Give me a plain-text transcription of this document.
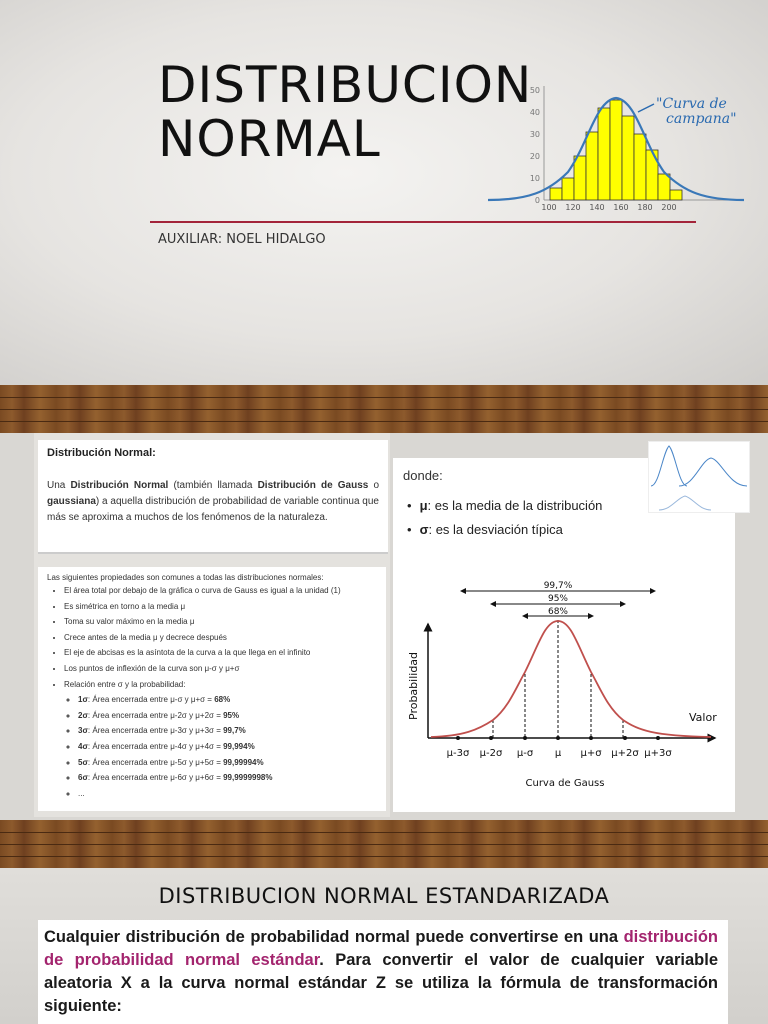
DISTRIBUCION
NORMAL
0
10
20
30
40
50
100 120 140 160 180 200
"Curva de
campana"
AUXILIAR: NOEL HIDALGO
Distribución Normal:
Una Distribución Normal (también llamada Distribución de Gauss o gaussiana) a aquella distribución de probabilidad de variable continua que más se aproxima a muchos de los fenómenos de la naturaleza.
Las siguientes propiedades son comunes a todas las distribuciones normales:
• El área total por debajo de la gráfica o curva de Gauss es igual a la unidad (1)
• Es simétrica en torno a la media μ
• Toma su valor máximo en la media μ
• Crece antes de la media μ y decrece después
• El eje de abcisas es la asíntota de la curva a la que llega en el infinito
• Los puntos de inflexión de la curva son μ-σ y μ+σ
• Relación entre σ y la probabilidad:
◦ 1σ: Área encerrada entre μ-σ y μ+σ = 68%
◦ 2σ: Área encerrada entre μ-2σ y μ+2σ = 95%
◦ 3σ: Área encerrada entre μ-3σ y μ+3σ = 99,7%
◦ 4σ: Área encerrada entre μ-4σ y μ+4σ = 99,994%
◦ 5σ: Área encerrada entre μ-5σ y μ+5σ = 99,99994%
◦ 6σ: Área encerrada entre μ-6σ y μ+6σ = 99,9999998%
◦ ...
donde:
• μ: es la media de la distribución
• σ: es la desviación típica
99,7%
95%
68%
Probabilidad	Valor
μ-3σ μ-2σ μ-σ μ μ+σ μ+2σ μ+3σ
Curva de Gauss
DISTRIBUCION NORMAL ESTANDARIZADA
Cualquier distribución de probabilidad normal puede convertirse en una distribución de probabilidad normal estándar. Para convertir el valor de cualquier variable aleatoria X a la curva normal estándar Z se utiliza la fórmula de transformación siguiente:
